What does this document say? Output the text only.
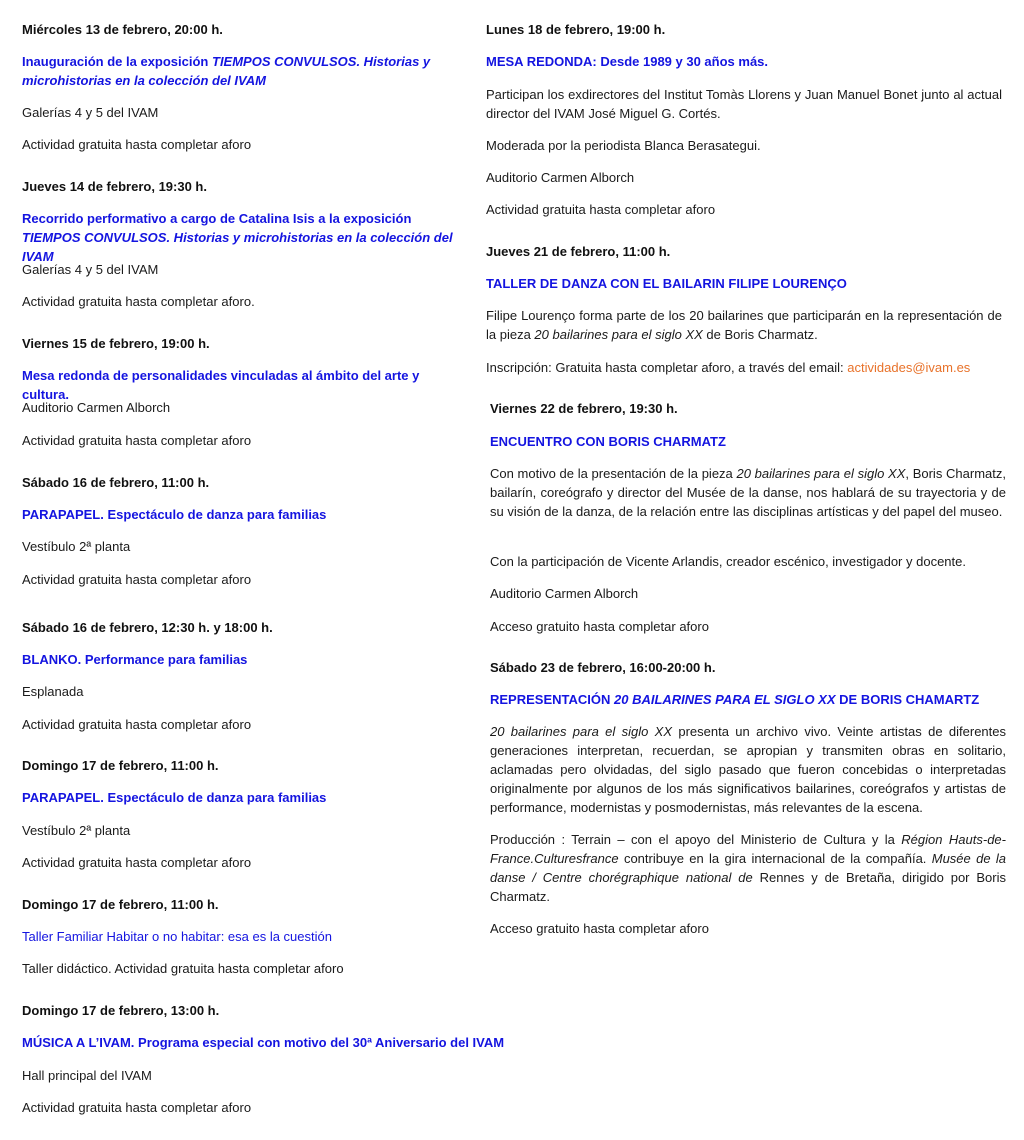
Miércoles 13 de febrero, 20:00 h.

Inauguración de la exposición TIEMPOS CONVULSOS. Historias y microhistorias en la colección del IVAM

Galerías 4 y 5 del IVAM

Actividad gratuita hasta completar aforo

Jueves 14 de febrero, 19:30 h.

Recorrido performativo a cargo de Catalina Isis a la exposición TIEMPOS CONVULSOS. Historias y microhistorias en la colección del IVAM

Galerías 4 y 5 del IVAM

Actividad gratuita hasta completar aforo.

Viernes 15 de febrero, 19:00 h.

Mesa redonda de personalidades vinculadas al ámbito del arte y cultura.

Auditorio Carmen Alborch

Actividad gratuita hasta completar aforo

Sábado 16 de febrero, 11:00 h.

PARAPAPEL. Espectáculo de danza para familias

Vestíbulo 2ª planta

Actividad gratuita hasta completar aforo

Sábado 16 de febrero, 12:30 h. y 18:00 h.

BLANKO. Performance para familias

Esplanada

Actividad gratuita hasta completar aforo

Domingo 17 de febrero, 11:00 h.

PARAPAPEL. Espectáculo de danza para familias

Vestíbulo 2ª planta

Actividad gratuita hasta completar aforo

Domingo 17 de febrero, 11:00 h.

Taller Familiar Habitar o no habitar: esa es la cuestión

Taller didáctico. Actividad gratuita hasta completar aforo

Domingo 17 de febrero, 13:00 h.

MÚSICA A L’IVAM. Programa especial con motivo del 30ª Aniversario del IVAM

Hall principal del IVAM

Actividad gratuita hasta completar aforo

Lunes 18 de febrero, 19:00 h.

MESA REDONDA: Desde 1989 y 30 años más.

Participan los exdirectores del Institut Tomàs Llorens y Juan Manuel Bonet junto al actual director del IVAM José Miguel G. Cortés.

Moderada por la periodista Blanca Berasategui.

Auditorio Carmen Alborch

Actividad gratuita hasta completar aforo

Jueves 21 de febrero, 11:00 h.

TALLER DE DANZA CON EL BAILARIN FILIPE LOURENÇO

Filipe Lourenço forma parte de los 20 bailarines que participarán en la representación de la pieza 20 bailarines para el siglo XX de Boris Charmatz.

Inscripción: Gratuita hasta completar aforo, a través del email: actividades@ivam.es

Viernes 22 de febrero, 19:30 h.

ENCUENTRO CON BORIS CHARMATZ

Con motivo de la presentación de la pieza 20 bailarines para el siglo XX, Boris Charmatz, bailarín, coreógrafo y director del Musée de la danse, nos hablará de su trayectoria y de su visión de la danza, de la relación entre las disciplinas artísticas y del papel del museo.

Con la participación de Vicente Arlandis, creador escénico, investigador y docente.

Auditorio Carmen Alborch

Acceso gratuito hasta completar aforo

Sábado 23 de febrero, 16:00-20:00 h.

REPRESENTACIÓN 20 BAILARINES PARA EL SIGLO XX DE BORIS CHAMARTZ

20 bailarines para el siglo XX presenta un archivo vivo. Veinte artistas de diferentes generaciones interpretan, recuerdan, se apropian y transmiten obras en solitario, aclamadas pero olvidadas, del siglo pasado que fueron concebidas o interpretadas originalmente por algunos de los más significativos bailarines, coreógrafos y artistas de performance, modernistas y posmodernistas, más relevantes de la escena.

Producción : Terrain – con el apoyo del Ministerio de Cultura y la Région Hauts-de-France.Culturesfrance contribuye en la gira internacional de la compañía. Musée de la danse / Centre chorégraphique national de Rennes y de Bretaña, dirigido por Boris Charmatz.

Acceso gratuito hasta completar aforo
